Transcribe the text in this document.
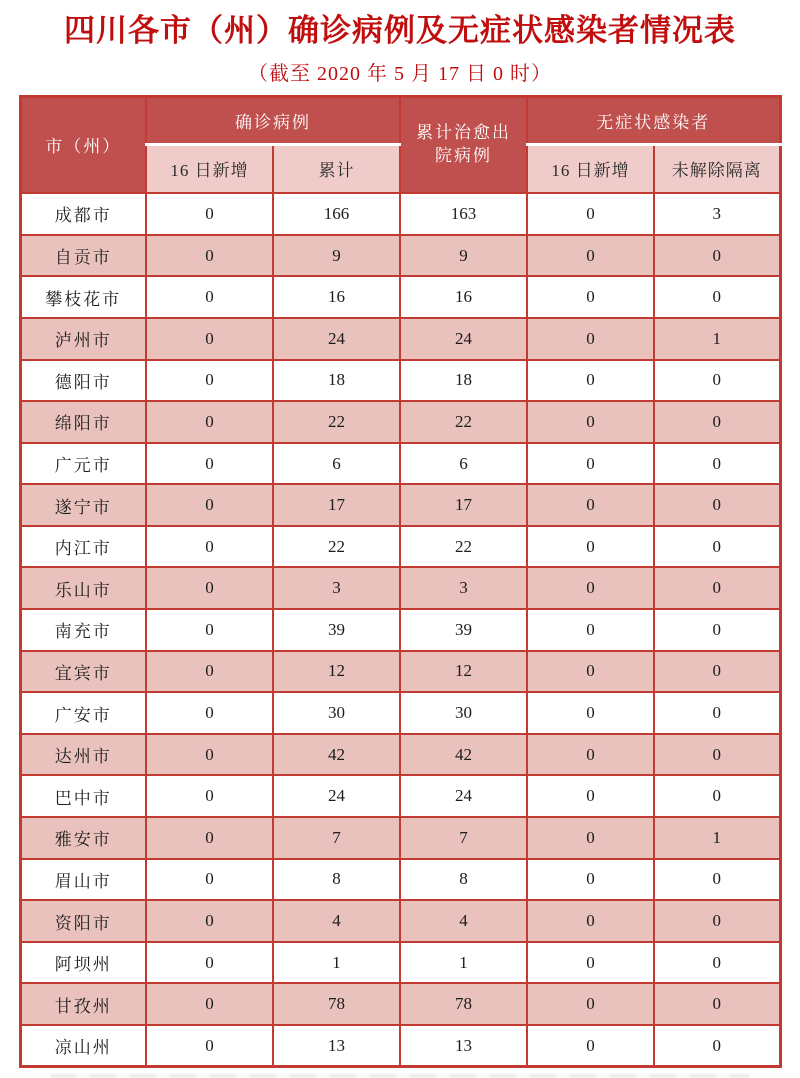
四川各市（州）确诊病例及无症状感染者情况表
（截至 2020 年 5 月 17 日 0 时）
市（州）	确诊病例		累计治愈出院病例	无症状感染者	
	16 日新增	累计		16 日新增	未解除隔离
成都市	0	166	163	0	3
自贡市	0	9	9	0	0
攀枝花市	0	16	16	0	0
泸州市	0	24	24	0	1
德阳市	0	18	18	0	0
绵阳市	0	22	22	0	0
广元市	0	6	6	0	0
遂宁市	0	17	17	0	0
内江市	0	22	22	0	0
乐山市	0	3	3	0	0
南充市	0	39	39	0	0
宜宾市	0	12	12	0	0
广安市	0	30	30	0	0
达州市	0	42	42	0	0
巴中市	0	24	24	0	0
雅安市	0	7	7	0	1
眉山市	0	8	8	0	0
资阳市	0	4	4	0	0
阿坝州	0	1	1	0	0
甘孜州	0	78	78	0	0
凉山州	0	13	13	0	0
